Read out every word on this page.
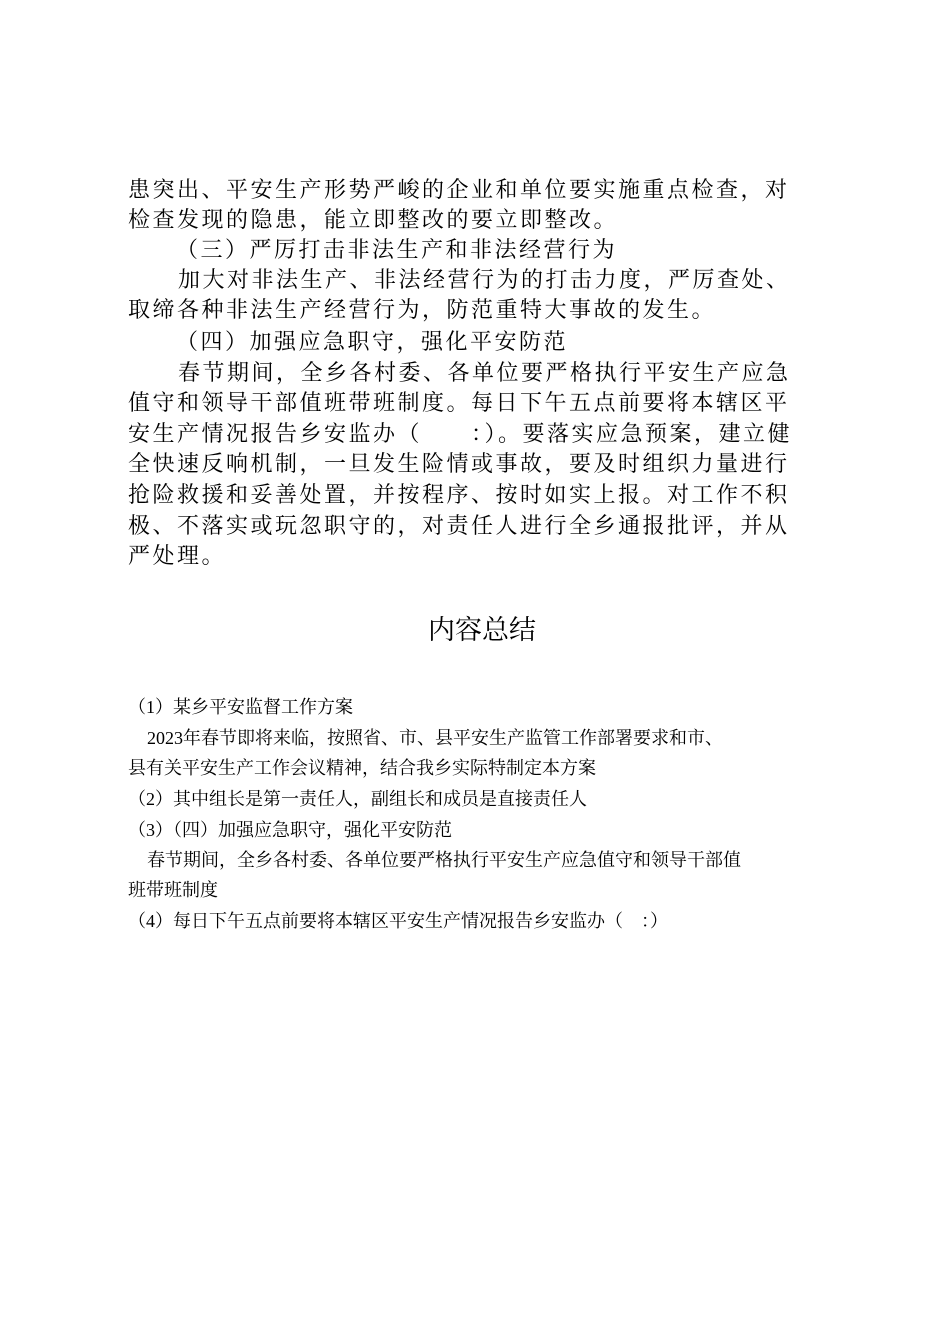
患突出、平安生产形势严峻的企业和单位要实施重点检查，对
检查发现的隐患，能立即整改的要立即整改。
（三）严厉打击非法生产和非法经营行为
加大对非法生产、非法经营行为的打击力度，严厉查处、
取缔各种非法生产经营行为，防范重特大事故的发生。
（四）加强应急职守，强化平安防范
春节期间，全乡各村委、各单位要严格执行平安生产应急
值守和领导干部值班带班制度。每日下午五点前要将本辖区平
安生产情况报告乡安监办（　　：）。要落实应急预案，建立健
全快速反响机制，一旦发生险情或事故，要及时组织力量进行
抢险救援和妥善处置，并按程序、按时如实上报。对工作不积
极、不落实或玩忽职守的，对责任人进行全乡通报批评，并从
严处理。
内容总结
（1）某乡平安监督工作方案
2023年春节即将来临，按照省、市、县平安生产监管工作部署要求和市、
县有关平安生产工作会议精神，结合我乡实际特制定本方案
（2）其中组长是第一责任人，副组长和成员是直接责任人
（3）（四）加强应急职守，强化平安防范
春节期间，全乡各村委、各单位要严格执行平安生产应急值守和领导干部值
班带班制度
（4）每日下午五点前要将本辖区平安生产情况报告乡安监办（　：）
